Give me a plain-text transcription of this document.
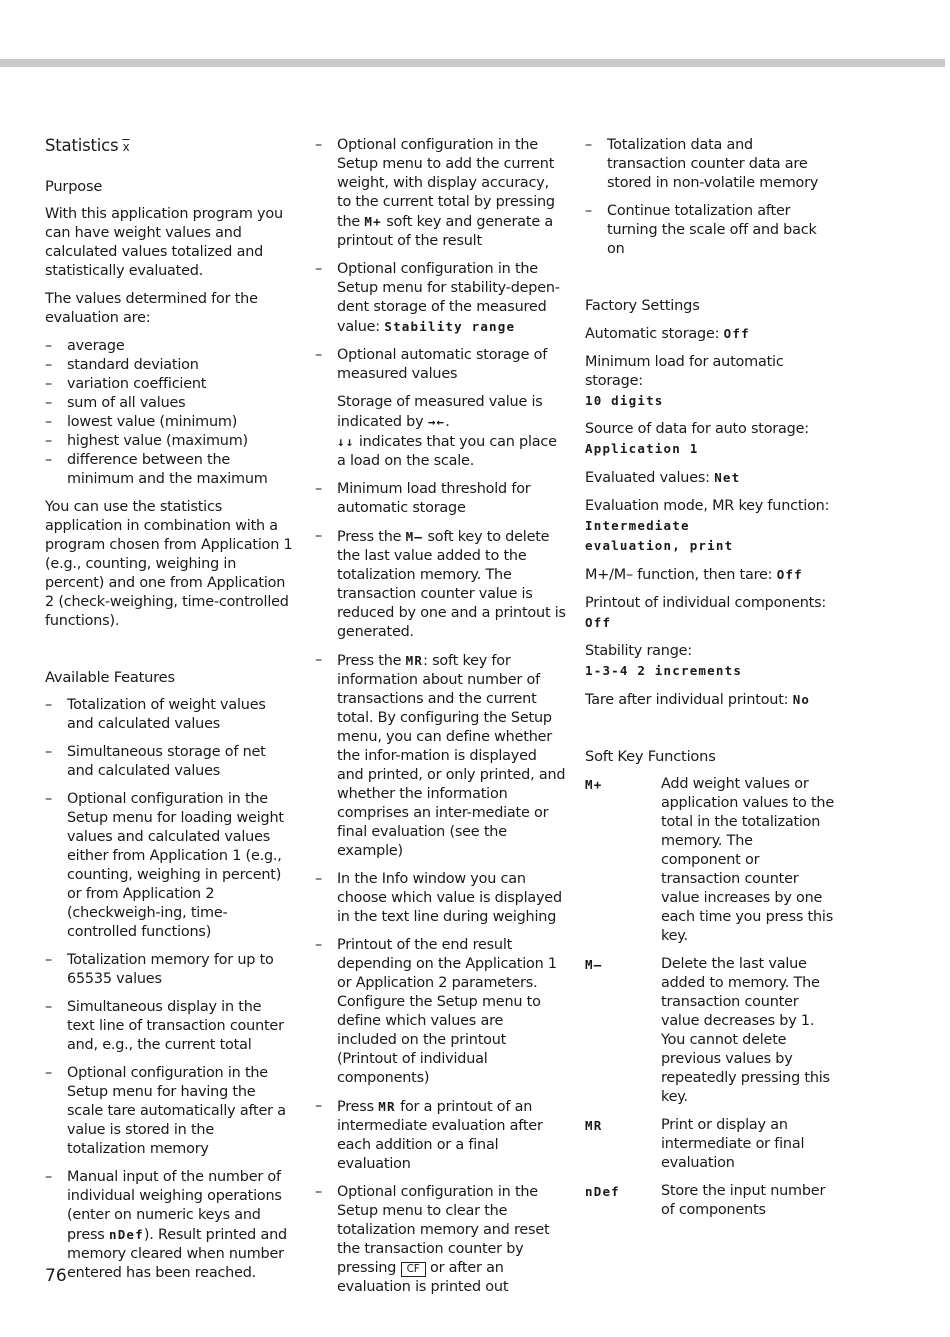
Statistics x
Purpose

With this application program you can have weight values and calculated values totalized and statistically evaluated.

The values determined for the evaluation are:

– average
– standard deviation
– variation coefficient
– sum of all values
– lowest value (minimum)
– highest value (maximum)
– difference between the minimum and the maximum

You can use the statistics application in combination with a program chosen from Application 1 (e.g., counting, weighing in percent) and one from Application 2 (check-weighing, time-controlled functions).

Available Features
– Totalization of weight values and calculated values
– Simultaneous storage of net and calculated values
– Optional configuration in the Setup menu for loading weight values and calculated values either from Application 1 (e.g., counting, weighing in percent) or from Application 2 (checkweigh-ing, time-controlled functions)
– Totalization memory for up to 65535 values
– Simultaneous display in the text line of transaction counter and, e.g., the current total
– Optional configuration in the Setup menu for having the scale tare automatically after a value is stored in the totalization memory
– Manual input of the number of individual weighing operations (enter on numeric keys and press nDef). Result printed and memory cleared when number entered has been reached.
– Optional configuration in the Setup menu to add the current weight, with display accuracy, to the current total by pressing the M+ soft key and generate a printout of the result
– Optional configuration in the Setup menu for stability-depen-dent storage of the measured value: Stability range
– Optional automatic storage of measured values

Storage of measured value is indicated by →←.
↓↓ indicates that you can place a load on the scale.

– Minimum load threshold for automatic storage
– Press the M– soft key to delete the last value added to the totalization memory. The transaction counter value is reduced by one and a printout is generated.
– Press the MR: soft key for information about number of transactions and the current total. By configuring the Setup menu, you can define whether the infor-mation is displayed and printed, or only printed, and whether the information comprises an inter-mediate or final evaluation (see the example)
– In the Info window you can choose which value is displayed in the text line during weighing
– Printout of the end result depending on the Application 1 or Application 2 parameters. Configure the Setup menu to define which values are included on the printout (Printout of individual components)
– Press MR for a printout of an intermediate evaluation after each addition or a final evaluation
– Optional configuration in the Setup menu to clear the totalization memory and reset the transaction counter by pressing CF or after an evaluation is printed out
– Totalization data and transaction counter data are stored in non-volatile memory
– Continue totalization after turning the scale off and back on
Factory Settings

Automatic storage: Off

Minimum load for automatic storage:
10 digits

Source of data for auto storage:
Application 1

Evaluated values: Net

Evaluation mode, MR key function:
Intermediate
evaluation, print

M+/M– function, then tare: Off

Printout of individual components:
Off

Stability range:
1-3-4 2 increments

Tare after individual printout: No

Soft Key Functions
M+	Add weight values or application values to the total in the totalization memory. The component or transaction counter value increases by one each time you press this key.
M–	Delete the last value added to memory. The transaction counter value decreases by 1. You cannot delete previous values by repeatedly pressing this key.
MR	Print or display an intermediate or final evaluation
nDef	Store the input number of components
76
